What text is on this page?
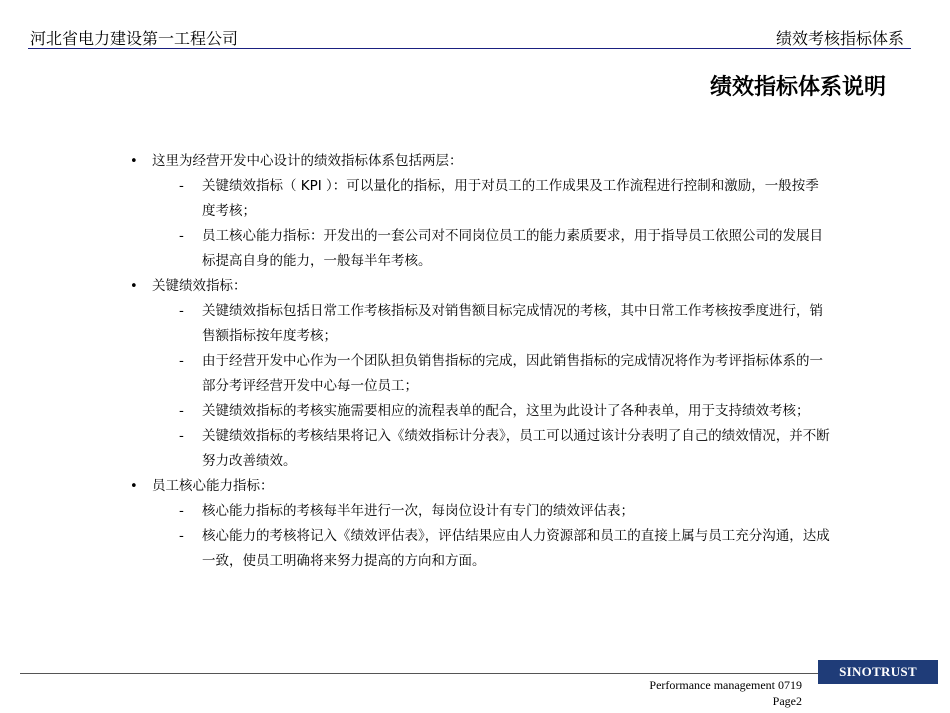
河北省电力建设第一工程公司	绩效考核指标体系
绩效指标体系说明
• 这里为经营开发中心设计的绩效指标体系包括两层：
- 关键绩效指标（ KPI ）：可以量化的指标，用于对员工的工作成果及工作流程进行控制和激励，一般按季度考核；
- 员工核心能力指标：开发出的一套公司对不同岗位员工的能力素质要求，用于指导员工依照公司的发展目标提高自身的能力，一般每半年考核。
• 关键绩效指标：
- 关键绩效指标包括日常工作考核指标及对销售额目标完成情况的考核，其中日常工作考核按季度进行，销售额指标按年度考核；
- 由于经营开发中心作为一个团队担负销售指标的完成，因此销售指标的完成情况将作为考评指标体系的一部分考评经营开发中心每一位员工；
- 关键绩效指标的考核实施需要相应的流程表单的配合，这里为此设计了各种表单，用于支持绩效考核；
- 关键绩效指标的考核结果将记入《绩效指标计分表》，员工可以通过该计分表明了自己的绩效情况，并不断努力改善绩效。
• 员工核心能力指标：
- 核心能力指标的考核每半年进行一次，每岗位设计有专门的绩效评估表；
- 核心能力的考核将记入《绩效评估表》，评估结果应由人力资源部和员工的直接上属与员工充分沟通，达成一致，使员工明确将来努力提高的方向和方面。
SINOTRUST
Performance management 0719
Page2
